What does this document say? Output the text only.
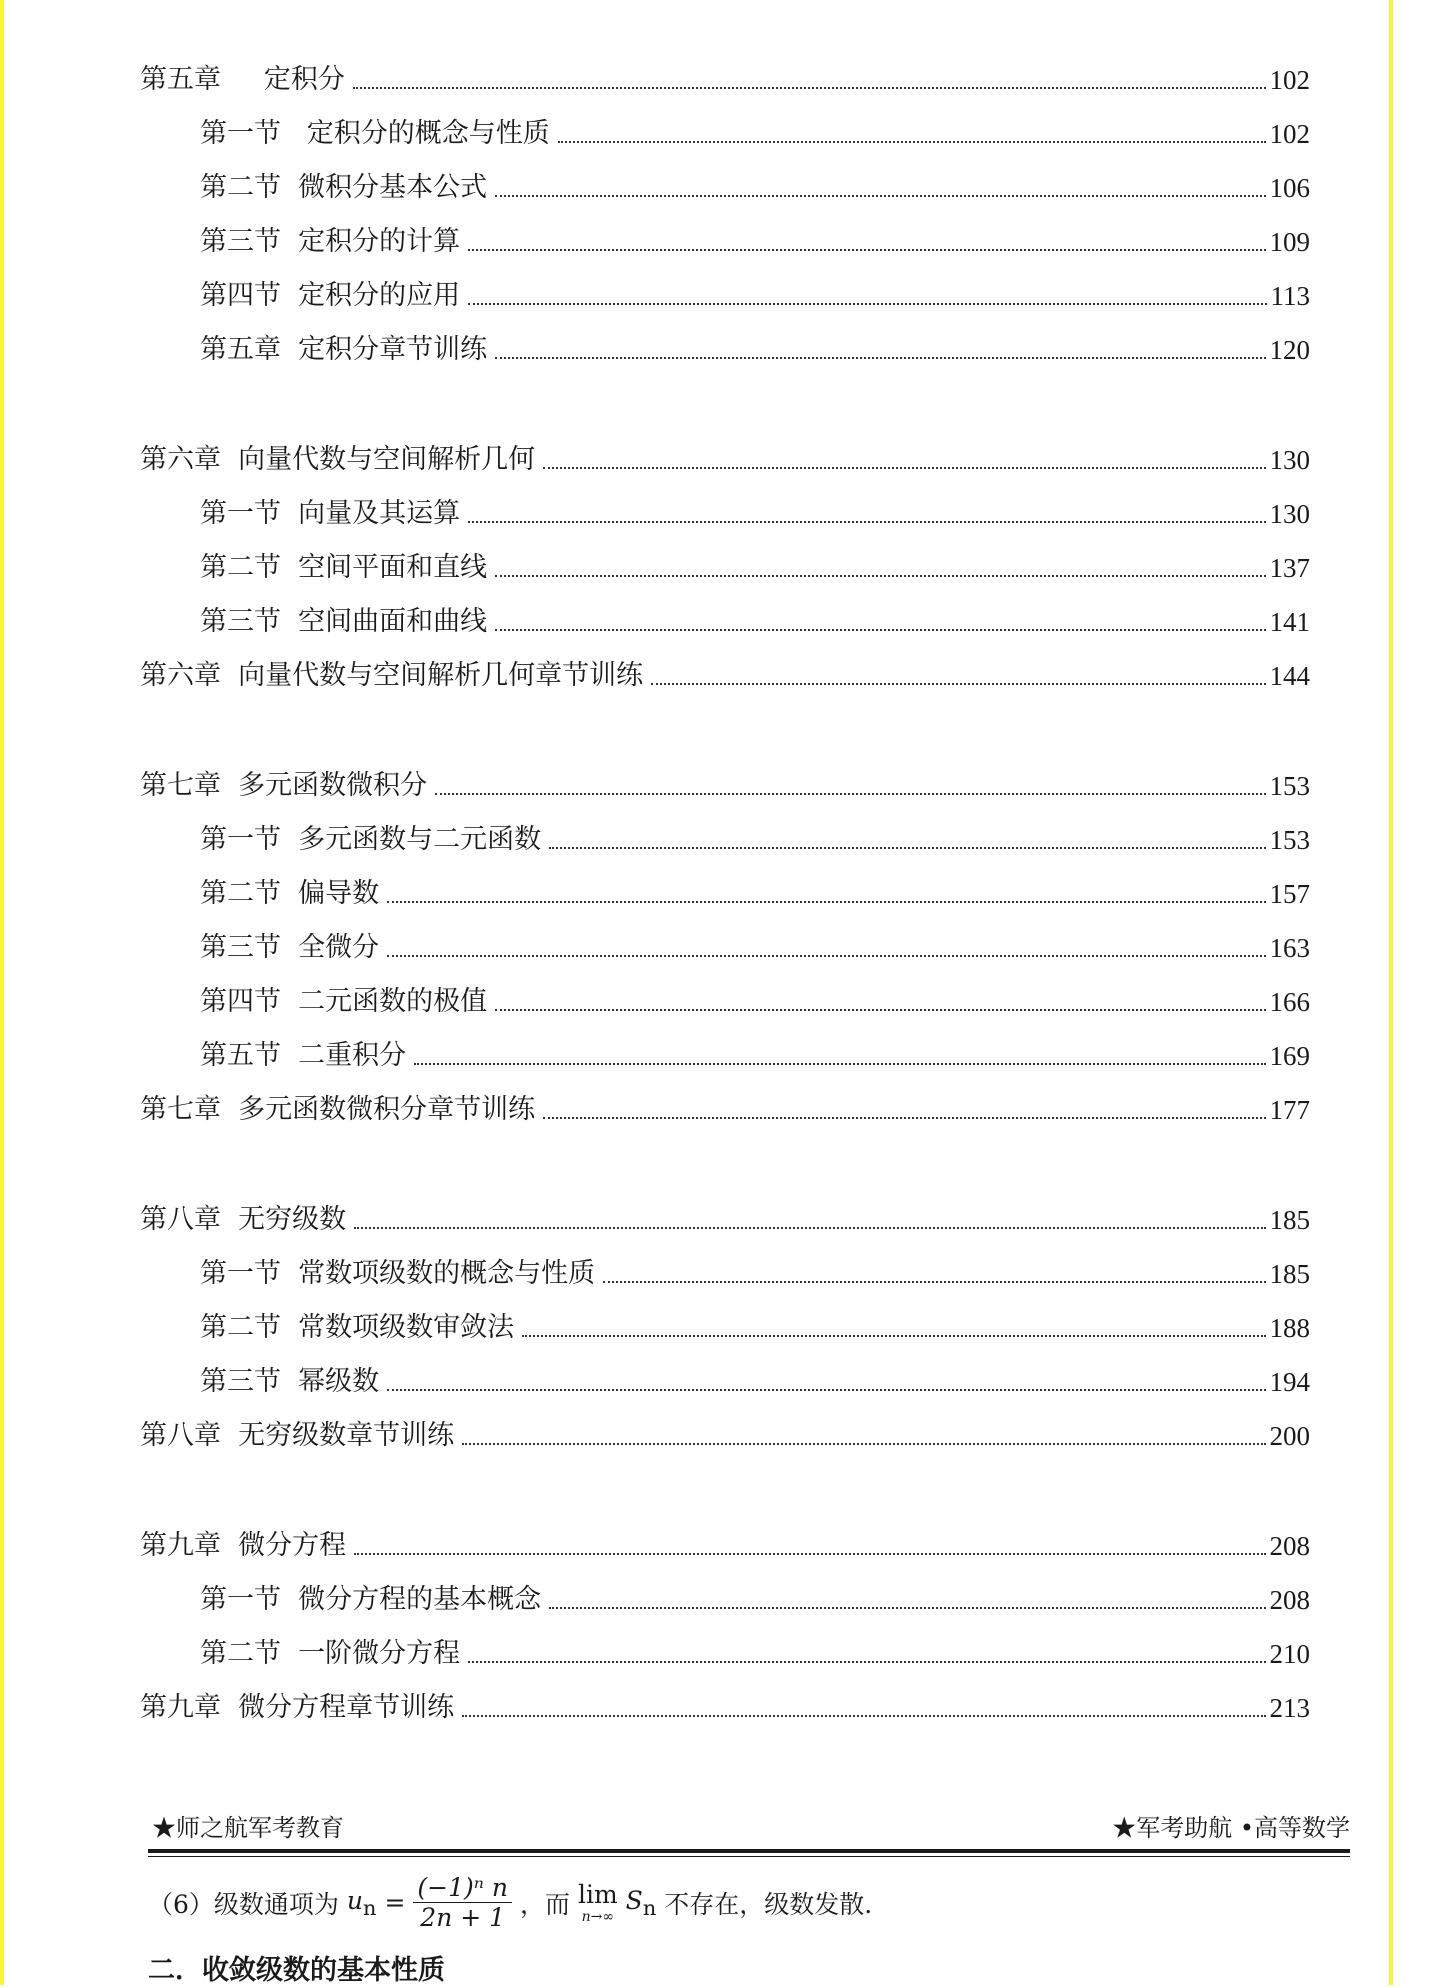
第五章     定积分	102
第一节   定积分的概念与性质	102
第二节  微积分基本公式	106
第三节  定积分的计算	109
第四节  定积分的应用	113
第五章  定积分章节训练	120
第六章  向量代数与空间解析几何	130
第一节  向量及其运算	130
第二节  空间平面和直线	137
第三节  空间曲面和曲线	141
第六章  向量代数与空间解析几何章节训练	144
第七章  多元函数微积分	153
第一节  多元函数与二元函数	153
第二节  偏导数	157
第三节  全微分	163
第四节  二元函数的极值	166
第五节  二重积分	169
第七章  多元函数微积分章节训练	177
第八章  无穷级数	185
第一节  常数项级数的概念与性质	185
第二节  常数项级数审敛法	188
第三节  幂级数	194
第八章  无穷级数章节训练	200
第九章  微分方程	208
第一节  微分方程的基本概念	208
第二节  一阶微分方程	210
第九章  微分方程章节训练	213
★师之航军考教育	★军考助航 •高等数学
（6）级数通项为 $u_n = \frac{\text{(−1)ⁿ n}}{2n + 1}$ ，而 lim
n→∞
$S_n$ 不存在，级数发散.
二．收敛级数的基本性质
